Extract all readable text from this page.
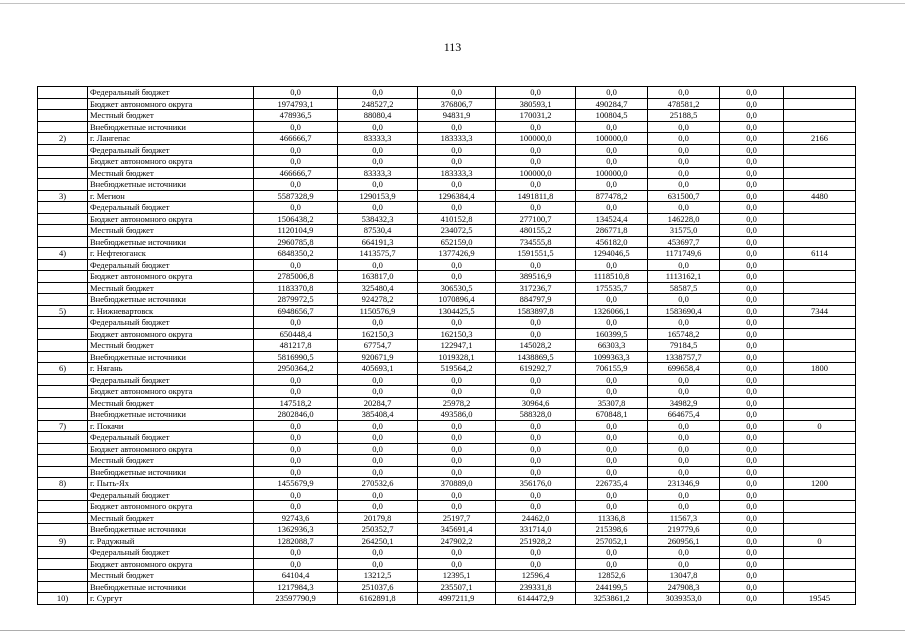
113
	Федеральный бюджет	0,0	0,0	0,0	0,0	0,0	0,0	0,0	
	Бюджет автономного округа	1974793,1	248527,2	376806,7	380593,1	490284,7	478581,2	0,0	
	Местный бюджет	478936,5	88080,4	94831,9	170031,2	100804,5	25188,5	0,0	
	Внебюджетные источники	0,0	0,0	0,0	0,0	0,0	0,0	0,0	
2)	г. Лангепас	466666,7	83333,3	183333,3	100000,0	100000,0	0,0	0,0	2166
	Федеральный бюджет	0,0	0,0	0,0	0,0	0,0	0,0	0,0	
	Бюджет автономного округа	0,0	0,0	0,0	0,0	0,0	0,0	0,0	
	Местный бюджет	466666,7	83333,3	183333,3	100000,0	100000,0	0,0	0,0	
	Внебюджетные источники	0,0	0,0	0,0	0,0	0,0	0,0	0,0	
3)	г. Мегион	5587328,9	1290153,9	1296384,4	1491811,8	877478,2	631500,7	0,0	4480
	Федеральный бюджет	0,0	0,0	0,0	0,0	0,0	0,0	0,0	
	Бюджет автономного округа	1506438,2	538432,3	410152,8	277100,7	134524,4	146228,0	0,0	
	Местный бюджет	1120104,9	87530,4	234072,5	480155,2	286771,8	31575,0	0,0	
	Внебюджетные источники	2960785,8	664191,3	652159,0	734555,8	456182,0	453697,7	0,0	
4)	г. Нефтеюганск	6848350,2	1413575,7	1377426,9	1591551,5	1294046,5	1171749,6	0,0	6114
	Федеральный бюджет	0,0	0,0	0,0	0,0	0,0	0,0	0,0	
	Бюджет автономного округа	2785006,8	163817,0	0,0	389516,9	1118510,8	1113162,1	0,0	
	Местный бюджет	1183370,8	325480,4	306530,5	317236,7	175535,7	58587,5	0,0	
	Внебюджетные источники	2879972,5	924278,2	1070896,4	884797,9	0,0	0,0	0,0	
5)	г. Нижневартовск	6948656,7	1150576,9	1304425,5	1583897,8	1326066,1	1583690,4	0,0	7344
	Федеральный бюджет	0,0	0,0	0,0	0,0	0,0	0,0	0,0	
	Бюджет автономного округа	650448,4	162150,3	162150,3	0,0	160399,5	165748,2	0,0	
	Местный бюджет	481217,8	67754,7	122947,1	145028,2	66303,3	79184,5	0,0	
	Внебюджетные источники	5816990,5	920671,9	1019328,1	1438869,5	1099363,3	1338757,7	0,0	
6)	г. Нягань	2950364,2	405693,1	519564,2	619292,7	706155,9	699658,4	0,0	1800
	Федеральный бюджет	0,0	0,0	0,0	0,0	0,0	0,0	0,0	
	Бюджет автономного округа	0,0	0,0	0,0	0,0	0,0	0,0	0,0	
	Местный бюджет	147518,2	20284,7	25978,2	30964,6	35307,8	34982,9	0,0	
	Внебюджетные источники	2802846,0	385408,4	493586,0	588328,0	670848,1	664675,4	0,0	
7)	г. Покачи	0,0	0,0	0,0	0,0	0,0	0,0	0,0	0
	Федеральный бюджет	0,0	0,0	0,0	0,0	0,0	0,0	0,0	
	Бюджет автономного округа	0,0	0,0	0,0	0,0	0,0	0,0	0,0	
	Местный бюджет	0,0	0,0	0,0	0,0	0,0	0,0	0,0	
	Внебюджетные источники	0,0	0,0	0,0	0,0	0,0	0,0	0,0	
8)	г. Пыть-Ях	1455679,9	270532,6	370889,0	356176,0	226735,4	231346,9	0,0	1200
	Федеральный бюджет	0,0	0,0	0,0	0,0	0,0	0,0	0,0	
	Бюджет автономного округа	0,0	0,0	0,0	0,0	0,0	0,0	0,0	
	Местный бюджет	92743,6	20179,8	25197,7	24462,0	11336,8	11567,3	0,0	
	Внебюджетные источники	1362936,3	250352,7	345691,4	331714,0	215398,6	219779,6	0,0	
9)	г. Радужный	1282088,7	264250,1	247902,2	251928,2	257052,1	260956,1	0,0	0
	Федеральный бюджет	0,0	0,0	0,0	0,0	0,0	0,0	0,0	
	Бюджет автономного округа	0,0	0,0	0,0	0,0	0,0	0,0	0,0	
	Местный бюджет	64104,4	13212,5	12395,1	12596,4	12852,6	13047,8	0,0	
	Внебюджетные источники	1217984,3	251037,6	235507,1	239331,8	244199,5	247908,3	0,0	
10)	г. Сургут	23597790,9	6162891,8	4997211,9	6144472,9	3253861,2	3039353,0	0,0	19545
